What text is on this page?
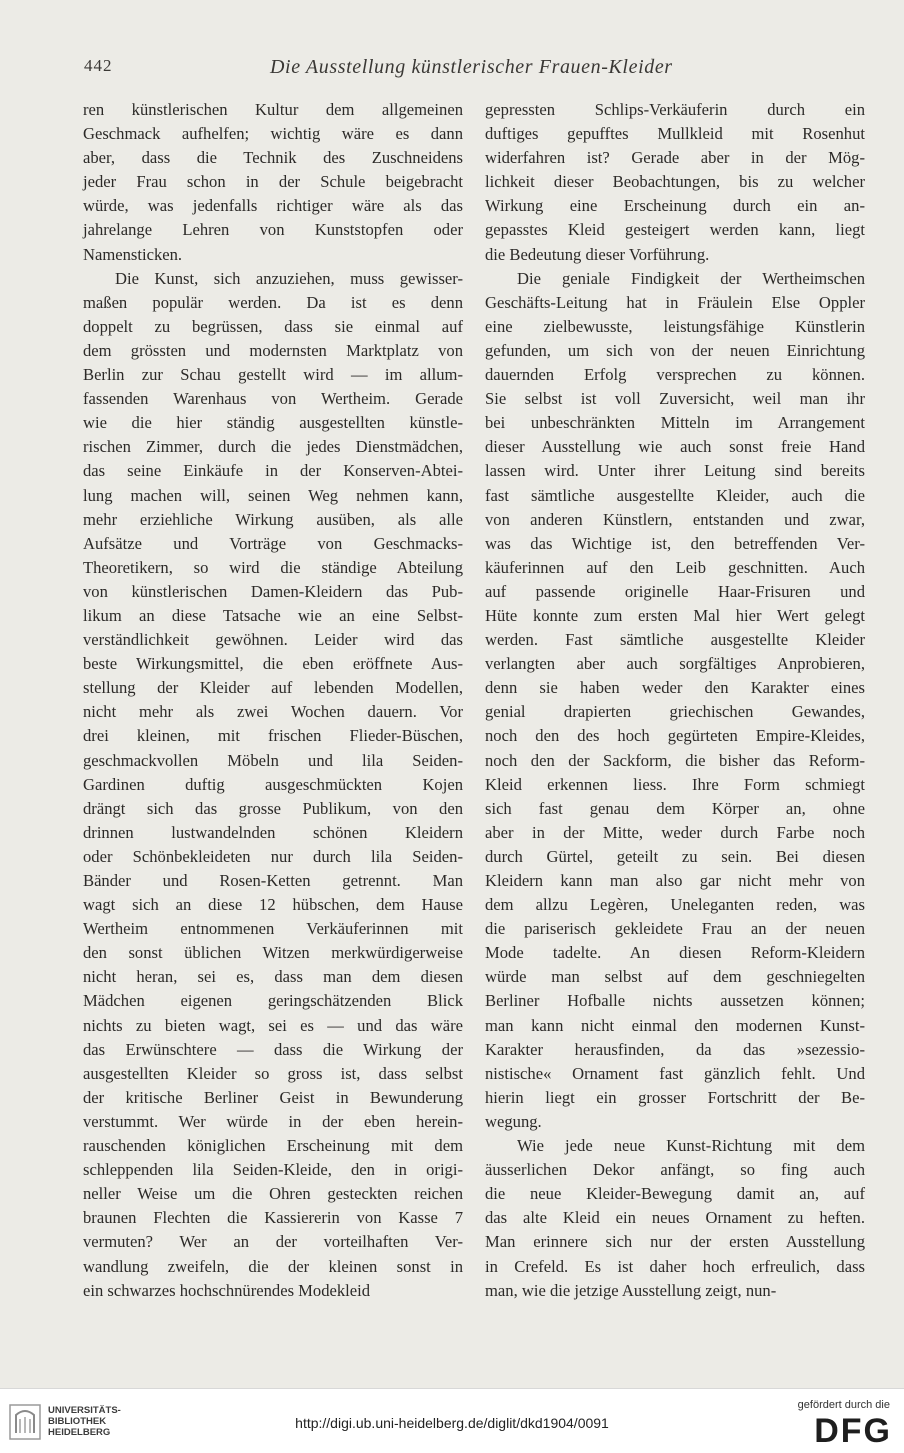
442	Die Ausstellung künstlerischer Frauen-Kleider
ren künstlerischen Kultur dem allgemeinen
Geschmack aufhelfen; wichtig wäre es dann
aber, dass die Technik des Zuschneidens
jeder Frau schon in der Schule beigebracht
würde, was jedenfalls richtiger wäre als das
jahrelange Lehren von Kunststopfen oder
Namensticken.
Die Kunst, sich anzuziehen, muss gewisser-
maßen populär werden. Da ist es denn
doppelt zu begrüssen, dass sie einmal auf
dem grössten und modernsten Marktplatz von
Berlin zur Schau gestellt wird — im allum-
fassenden Warenhaus von Wertheim. Gerade
wie die hier ständig ausgestellten künstle-
rischen Zimmer, durch die jedes Dienstmädchen,
das seine Einkäufe in der Konserven-Abtei-
lung machen will, seinen Weg nehmen kann,
mehr erziehliche Wirkung ausüben, als alle
Aufsätze und Vorträge von Geschmacks-
Theoretikern, so wird die ständige Abteilung
von künstlerischen Damen-Kleidern das Pub-
likum an diese Tatsache wie an eine Selbst-
verständlichkeit gewöhnen. Leider wird das
beste Wirkungsmittel, die eben eröffnete Aus-
stellung der Kleider auf lebenden Modellen,
nicht mehr als zwei Wochen dauern. Vor
drei kleinen, mit frischen Flieder-Büschen,
geschmackvollen Möbeln und lila Seiden-
Gardinen duftig ausgeschmückten Kojen
drängt sich das grosse Publikum, von den
drinnen lustwandelnden schönen Kleidern
oder Schönbekleideten nur durch lila Seiden-
Bänder und Rosen-Ketten getrennt. Man
wagt sich an diese 12 hübschen, dem Hause
Wertheim entnommenen Verkäuferinnen mit
den sonst üblichen Witzen merkwürdigerweise
nicht heran, sei es, dass man dem diesen
Mädchen eigenen geringschätzenden Blick
nichts zu bieten wagt, sei es — und das wäre
das Erwünschtere — dass die Wirkung der
ausgestellten Kleider so gross ist, dass selbst
der kritische Berliner Geist in Bewunderung
verstummt. Wer würde in der eben herein-
rauschenden königlichen Erscheinung mit dem
schleppenden lila Seiden-Kleide, den in origi-
neller Weise um die Ohren gesteckten reichen
braunen Flechten die Kassiererin von Kasse 7
vermuten? Wer an der vorteilhaften Ver-
wandlung zweifeln, die der kleinen sonst in
ein schwarzes hochschnürendes Modekleid
gepressten Schlips-Verkäuferin durch ein
duftiges gepufftes Mullkleid mit Rosenhut
widerfahren ist? Gerade aber in der Mög-
lichkeit dieser Beobachtungen, bis zu welcher
Wirkung eine Erscheinung durch ein an-
gepasstes Kleid gesteigert werden kann, liegt
die Bedeutung dieser Vorführung.
Die geniale Findigkeit der Wertheimschen
Geschäfts-Leitung hat in Fräulein Else Oppler
eine zielbewusste, leistungsfähige Künstlerin
gefunden, um sich von der neuen Einrichtung
dauernden Erfolg versprechen zu können.
Sie selbst ist voll Zuversicht, weil man ihr
bei unbeschränkten Mitteln im Arrangement
dieser Ausstellung wie auch sonst freie Hand
lassen wird. Unter ihrer Leitung sind bereits
fast sämtliche ausgestellte Kleider, auch die
von anderen Künstlern, entstanden und zwar,
was das Wichtige ist, den betreffenden Ver-
käuferinnen auf den Leib geschnitten. Auch
auf passende originelle Haar-Frisuren und
Hüte konnte zum ersten Mal hier Wert gelegt
werden. Fast sämtliche ausgestellte Kleider
verlangten aber auch sorgfältiges Anprobieren,
denn sie haben weder den Karakter eines
genial drapierten griechischen Gewandes,
noch den des hoch gegürteten Empire-Kleides,
noch den der Sackform, die bisher das Reform-
Kleid erkennen liess. Ihre Form schmiegt
sich fast genau dem Körper an, ohne
aber in der Mitte, weder durch Farbe noch
durch Gürtel, geteilt zu sein. Bei diesen
Kleidern kann man also gar nicht mehr von
dem allzu Legèren, Uneleganten reden, was
die pariserisch gekleidete Frau an der neuen
Mode tadelte. An diesen Reform-Kleidern
würde man selbst auf dem geschniegelten
Berliner Hofballe nichts aussetzen können;
man kann nicht einmal den modernen Kunst-
Karakter herausfinden, da das »sezessio-
nistische« Ornament fast gänzlich fehlt. Und
hierin liegt ein grosser Fortschritt der Be-
wegung.
Wie jede neue Kunst-Richtung mit dem
äusserlichen Dekor anfängt, so fing auch
die neue Kleider-Bewegung damit an, auf
das alte Kleid ein neues Ornament zu heften.
Man erinnere sich nur der ersten Ausstellung
in Crefeld. Es ist daher hoch erfreulich, dass
man, wie die jetzige Ausstellung zeigt, nun-
UNIVERSITÄTS-
BIBLIOTHEK
HEIDELBERG
http://digi.ub.uni-heidelberg.de/diglit/dkd1904/0091
gefördert durch die
DFG
